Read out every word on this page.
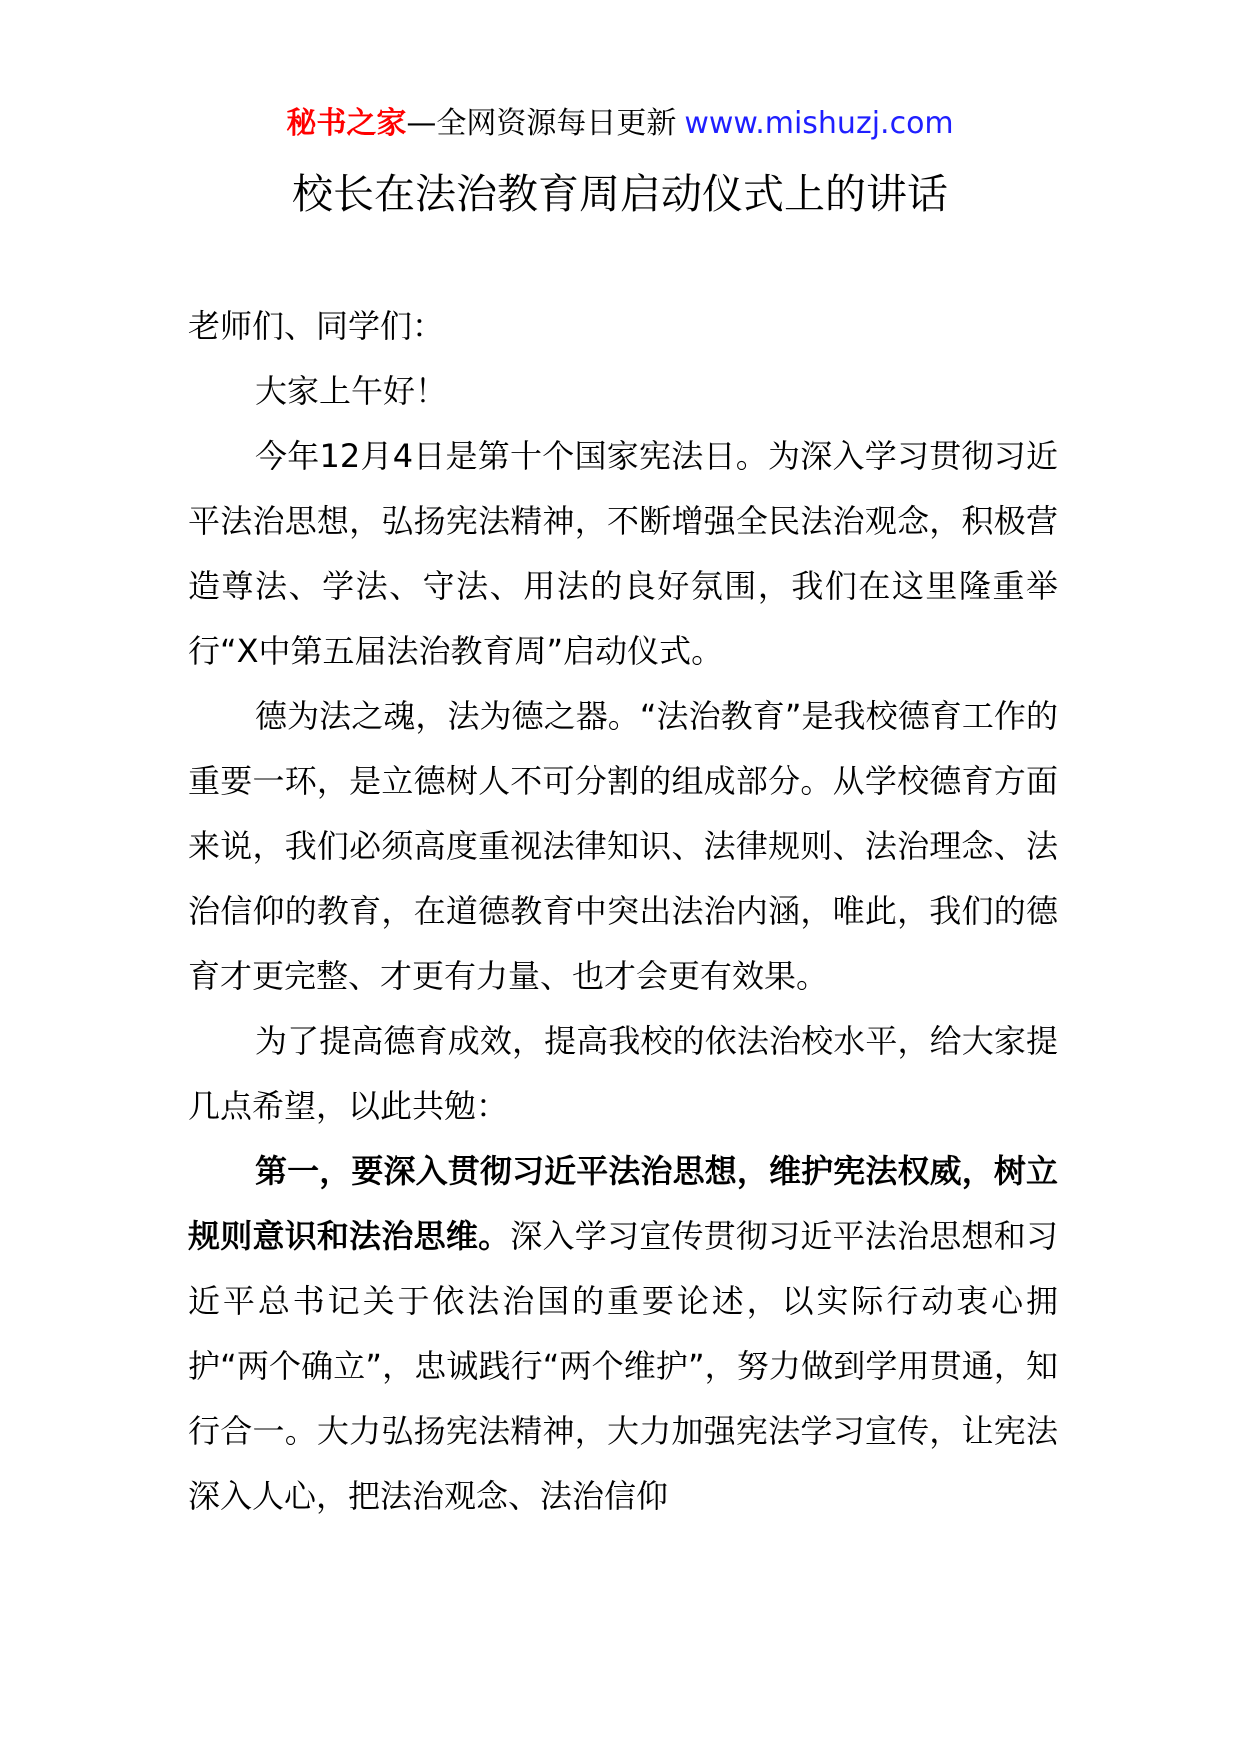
秘书之家—全网资源每日更新 www.mishuzj.com
校长在法治教育周启动仪式上的讲话

老师们、同学们：

大家上午好！

今年12月4日是第十个国家宪法日。为深入学习贯彻习近平法治思想，弘扬宪法精神，不断增强全民法治观念，积极营造尊法、学法、守法、用法的良好氛围，我们在这里隆重举行“X中第五届法治教育周”启动仪式。

德为法之魂，法为德之器。“法治教育”是我校德育工作的重要一环，是立德树人不可分割的组成部分。从学校德育方面来说，我们必须高度重视法律知识、法律规则、法治理念、法治信仰的教育，在道德教育中突出法治内涵，唯此，我们的德育才更完整、才更有力量、也才会更有效果。

为了提高德育成效，提高我校的依法治校水平，给大家提几点希望，以此共勉：

第一，要深入贯彻习近平法治思想，维护宪法权威，树立规则意识和法治思维。深入学习宣传贯彻习近平法治思想和习近平总书记关于依法治国的重要论述，以实际行动衷心拥护“两个确立”，忠诚践行“两个维护”，努力做到学用贯通，知行合一。大力弘扬宪法精神，大力加强宪法学习宣传，让宪法深入人心，把法治观念、法治信仰
